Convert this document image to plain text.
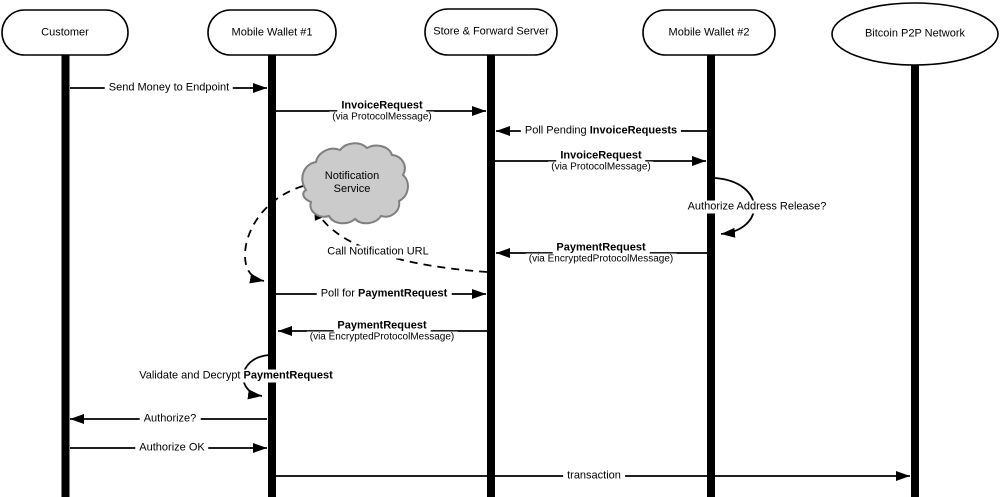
Customer	Mobile Wallet #1	Store & Forward Server	Mobile Wallet #2	Bitcoin P2P Network
Notification
Service
Send Money to Endpoint
InvoiceRequest
(via ProtocolMessage)
Poll Pending InvoiceRequests
InvoiceRequest
(via ProtocolMessage)
Authorize Address Release?
PaymentRequest
(via EncryptedProtocolMessage)
Call Notification URL
Poll for PaymentRequest
PaymentRequest
(via EncryptedProtocolMessage)
Validate and Decrypt PaymentRequest
Authorize?
Authorize OK
transaction
